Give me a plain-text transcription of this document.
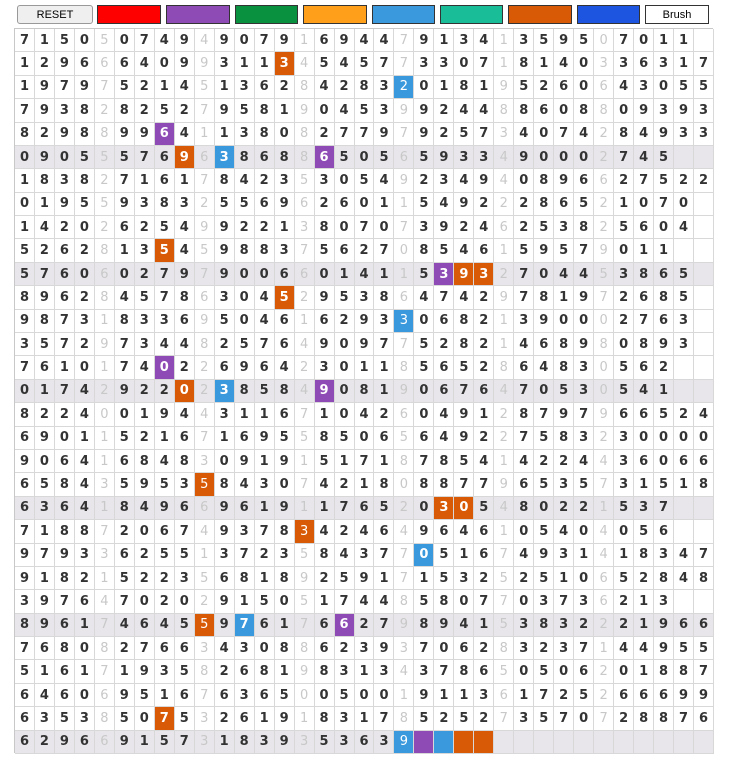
RESET	Brush
7 1 5 0 5 0 7 4 9 4 9 0 7 9 1 6 9 4 4 7 9 1 3 4 1 3 5 9 5 0 7 0 1 1
1 2 9 6 6 6 4 0 9 9 3 1 1 3 4 5 4 5 7 7 3 3 0 7 1 8 1 4 0 3 3 6 3 1 7
1 9 7 9 7 5 2 1 4 5 1 3 6 2 8 4 2 8 3 2 0 1 8 1 9 5 2 6 0 6 4 3 0 5 5
7 9 3 8 2 8 2 5 2 7 9 5 8 1 9 0 4 5 3 9 9 2 4 4 8 8 6 0 8 8 0 9 3 9 3
8 2 9 8 8 9 9 6 4 1 1 3 8 0 8 2 7 7 9 7 9 2 5 7 3 4 0 7 4 2 8 4 9 3 3
0 9 0 5 5 5 7 6 9 6 3 8 6 8 8 6 5 0 5 6 5 9 3 3 4 9 0 0 0 2 7 4 5
1 8 3 8 2 7 1 6 1 7 8 4 2 3 5 3 0 5 4 9 2 3 4 9 4 0 8 9 6 6 2 7 5 2 2
0 1 9 5 5 9 3 8 3 2 5 5 6 9 6 2 6 0 1 1 5 4 9 2 2 2 8 6 5 2 1 0 7 0
1 4 2 0 2 6 2 5 4 9 9 2 2 1 3 8 0 7 0 7 3 9 2 4 6 2 5 3 8 2 5 6 0 4
5 2 6 2 8 1 3 5 4 5 9 8 8 3 7 5 6 2 7 0 8 5 4 6 1 5 9 5 7 9 0 1 1
5 7 6 0 6 0 2 7 9 7 9 0 0 6 6 0 1 4 1 1 5 3 9 3 2 7 0 4 4 5 3 8 6 5
8 9 6 2 8 4 5 7 8 6 3 0 4 5 2 9 5 3 8 6 4 7 4 2 9 7 8 1 9 7 2 6 8 5
9 8 7 3 1 8 3 3 6 9 5 0 4 6 1 6 2 9 3 3 0 6 8 2 1 3 9 0 0 0 2 7 6 3
3 5 7 2 9 7 3 4 4 8 2 5 7 6 4 9 0 9 7 7 5 2 8 2 1 4 6 8 9 8 0 8 9 3
7 6 1 0 1 7 4 0 2 2 6 9 6 4 2 3 0 1 1 8 5 6 5 2 8 6 4 8 3 0 5 6 2
0 1 7 4 2 9 2 2 0 2 3 8 5 8 4 9 0 8 1 9 0 6 7 6 4 7 0 5 3 0 5 4 1
8 2 2 4 0 0 1 9 4 4 3 1 1 6 7 1 0 4 2 6 0 4 9 1 2 8 7 9 7 9 6 6 5 2 4
6 9 0 1 1 5 2 1 6 7 1 6 9 5 5 8 5 0 6 5 6 4 9 2 2 7 5 8 3 2 3 0 0 0 0
9 0 6 4 1 6 8 4 8 3 0 9 1 9 1 5 1 7 1 8 7 8 5 4 1 4 2 2 4 4 3 6 0 6 6
6 5 8 4 3 5 9 5 3 5 8 4 3 0 7 4 2 1 8 0 8 8 7 7 9 6 5 3 5 7 3 1 5 1 8
6 3 6 4 1 8 4 9 6 6 9 6 1 9 1 1 7 6 5 2 0 3 0 5 4 8 0 2 2 1 5 3 7
7 1 8 8 7 2 0 6 7 4 9 3 7 8 3 4 2 4 6 4 9 6 4 6 1 0 5 4 0 4 0 5 6
9 7 9 3 3 6 2 5 5 1 3 7 2 3 5 8 4 3 7 7 0 5 1 6 7 4 9 3 1 4 1 8 3 4 7
9 1 8 2 1 5 2 2 3 5 6 8 1 8 9 2 5 9 1 7 1 5 3 2 5 2 5 1 0 6 5 2 8 4 8
3 9 7 6 4 7 0 2 0 2 9 1 5 0 5 1 7 4 4 8 5 8 0 7 7 0 3 7 3 6 2 1 3
8 9 6 1 7 4 6 4 5 5 9 7 6 1 7 6 6 2 7 9 8 9 4 1 5 3 8 3 2 2 2 1 9 6 6
7 6 8 0 8 2 7 6 6 3 4 3 0 8 8 6 2 3 9 3 7 0 6 2 8 3 2 3 7 1 4 4 9 5 5
5 1 6 1 7 1 9 3 5 8 2 6 8 1 9 8 3 1 3 4 3 7 8 6 5 0 5 0 6 2 0 1 8 8 7
6 4 6 0 6 9 5 1 6 7 6 3 6 5 0 0 5 0 0 1 9 1 1 3 6 1 7 2 5 2 6 6 6 9 9
6 3 5 3 8 5 0 7 5 3 2 6 1 9 1 8 3 1 7 8 5 2 5 2 7 3 5 7 0 7 2 8 8 7 6
6 2 9 6 6 9 1 5 7 3 1 8 3 9 3 5 3 6 3 9
